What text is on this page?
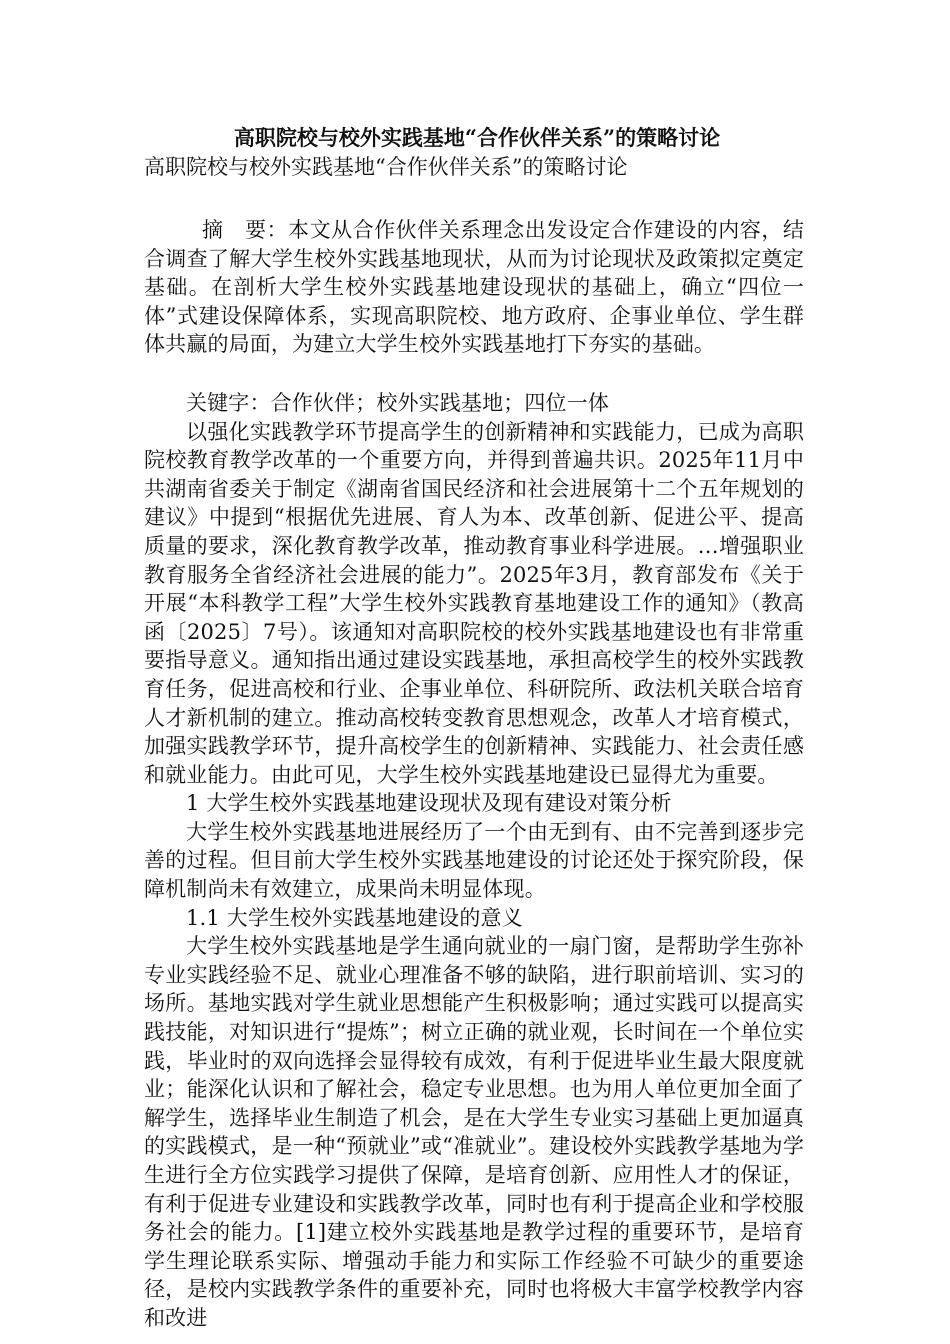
高职院校与校外实践基地“合作伙伴关系”的策略讨论
高职院校与校外实践基地“合作伙伴关系”的策略讨论

摘　要：本文从合作伙伴关系理念出发设定合作建设的内容，结合调查了解大学生校外实践基地现状，从而为讨论现状及政策拟定奠定基础。在剖析大学生校外实践基地建设现状的基础上，确立“四位一体”式建设保障体系，实现高职院校、地方政府、企事业单位、学生群体共赢的局面，为建立大学生校外实践基地打下夯实的基础。

关键字：合作伙伴；校外实践基地；四位一体

以强化实践教学环节提高学生的创新精神和实践能力，已成为高职院校教育教学改革的一个重要方向，并得到普遍共识。2025年11月中共湖南省委关于制定《湖南省国民经济和社会进展第十二个五年规划的建议》中提到“根据优先进展、育人为本、改革创新、促进公平、提高质量的要求，深化教育教学改革，推动教育事业科学进展。…增强职业教育服务全省经济社会进展的能力”。2025年3月，教育部发布《关于开展“本科教学工程”大学生校外实践教育基地建设工作的通知》（教高函〔2025〕7号）。该通知对高职院校的校外实践基地建设也有非常重要指导意义。通知指出通过建设实践基地，承担高校学生的校外实践教育任务，促进高校和行业、企事业单位、科研院所、政法机关联合培育人才新机制的建立。推动高校转变教育思想观念，改革人才培育模式，加强实践教学环节，提升高校学生的创新精神、实践能力、社会责任感和就业能力。由此可见，大学生校外实践基地建设已显得尤为重要。

1 大学生校外实践基地建设现状及现有建设对策分析

大学生校外实践基地进展经历了一个由无到有、由不完善到逐步完善的过程。但目前大学生校外实践基地建设的讨论还处于探究阶段，保障机制尚未有效建立，成果尚未明显体现。

1.1 大学生校外实践基地建设的意义

大学生校外实践基地是学生通向就业的一扇门窗，是帮助学生弥补专业实践经验不足、就业心理准备不够的缺陷，进行职前培训、实习的场所。基地实践对学生就业思想能产生积极影响；通过实践可以提高实践技能，对知识进行“提炼”；树立正确的就业观，长时间在一个单位实践，毕业时的双向选择会显得较有成效，有利于促进毕业生最大限度就业；能深化认识和了解社会，稳定专业思想。也为用人单位更加全面了解学生，选择毕业生制造了机会，是在大学生专业实习基础上更加逼真的实践模式，是一种“预就业”或“准就业”。建设校外实践教学基地为学生进行全方位实践学习提供了保障，是培育创新、应用性人才的保证，有利于促进专业建设和实践教学改革，同时也有利于提高企业和学校服务社会的能力。[1]建立校外实践基地是教学过程的重要环节，是培育学生理论联系实际、增强动手能力和实际工作经验不可缺少的重要途径，是校内实践教学条件的重要补充，同时也将极大丰富学校教学内容和改进
